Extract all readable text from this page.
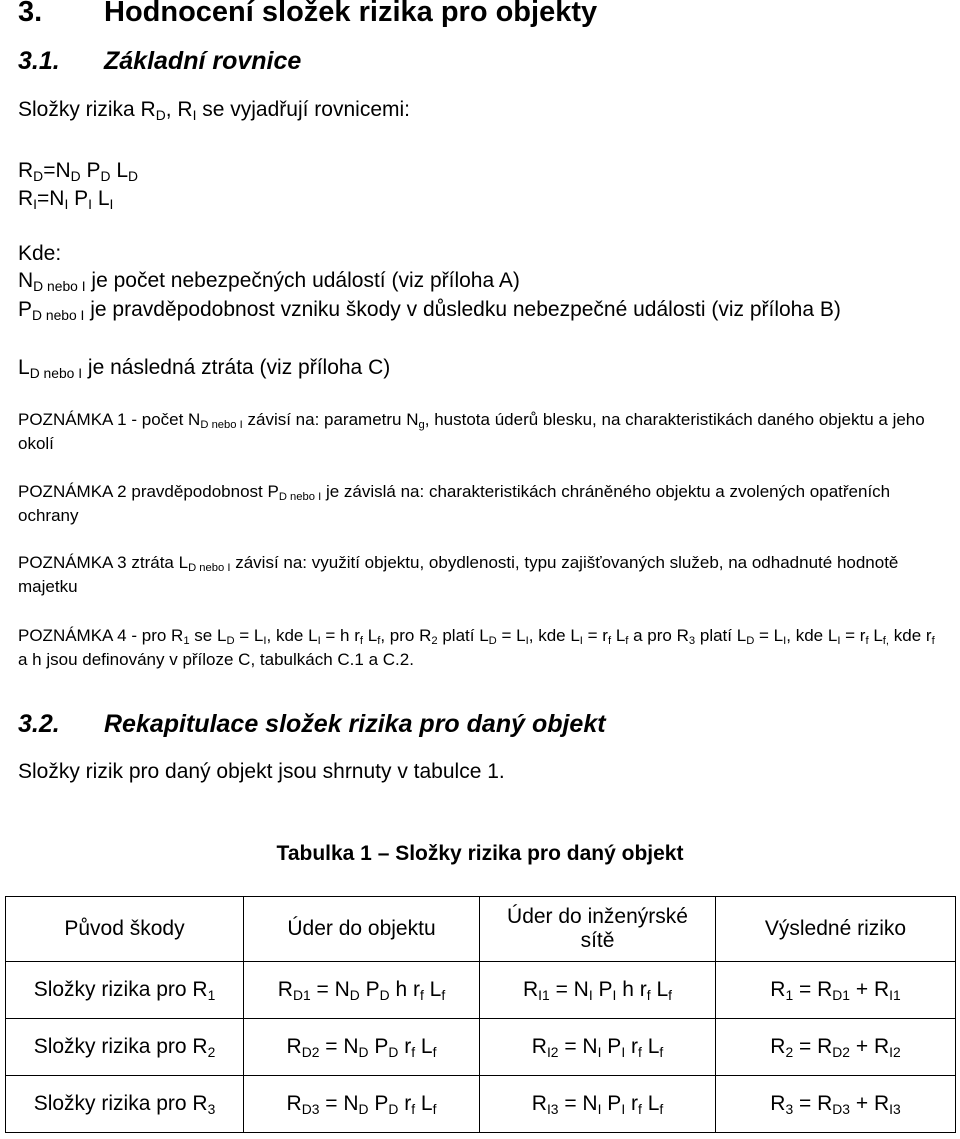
3. Hodnocení složek rizika pro objekty
3.1. Základní rovnice

Složky rizika $R_D$, $R_I$ se vyjadřují rovnicemi:

$R_D=N_D$ $P_D$ $L_D$

$R_I=N_I$ $P_I$ $L_I$

Kde:

$N_{D nebo I}$ je počet nebezpečných událostí (viz příloha A)

$P_{D nebo I}$ je pravděpodobnost vzniku škody v důsledku nebezpečné události (viz příloha B)

$L_{D nebo I}$ je následná ztráta (viz příloha C)

POZNÁMKA 1 - počet $N_{D nebo I}$ závisí na: parametru $N_g$, hustota úderů blesku, na charakteristikách daného objektu a jeho okolí

POZNÁMKA 2 pravděpodobnost $P_{D nebo I}$ je závislá na: charakteristikách chráněného objektu a zvolených opatřeních ochrany

POZNÁMKA 3 ztráta $L_{D nebo I}$ závisí na: využití objektu, obydlenosti, typu zajišťovaných služeb, na odhadnuté hodnotě majetku

POZNÁMKA 4 - pro $R_1$ se $L_D = L_I$, kde $L_I = h$ $r_f$ $L_f$, pro $R_2$ platí $L_D = L_I$, kde $L_I = r_f$ $L_f$ a pro $R_3$ platí $L_D = L_I$, kde $L_I = r_f$ $L_{f,}$ kde $r_f$ a h jsou definovány v příloze C, tabulkách C.1 a C.2.

3.2. Rekapitulace složek rizika pro daný objekt

Složky rizik pro daný objekt jsou shrnuty v tabulce 1.

Tabulka 1 – Složky rizika pro daný objekt
Původ škody	Úder do objektu	Úder do inženýrské sítě	Výsledné riziko
Složky rizika pro $R_1$	$R_{D1} = N_D$ $P_D$ h $r_f$ $L_f$	$R_{I1} = N_I$ $P_I$ h $r_f$ $L_f$	$R_1 = R_{D1} + R_{I1}$
Složky rizika pro $R_2$	$R_{D2} = N_D$ $P_D$ $r_f$ $L_f$	$R_{I2} = N_I$ $P_I$ $r_f$ $L_f$	$R_2 = R_{D2} + R_{I2}$
Složky rizika pro $R_3$	$R_{D3} = N_D$ $P_D$ $r_f$ $L_f$	$R_{I3} = N_I$ $P_I$ $r_f$ $L_f$	$R_3 = R_{D3} + R_{I3}$
